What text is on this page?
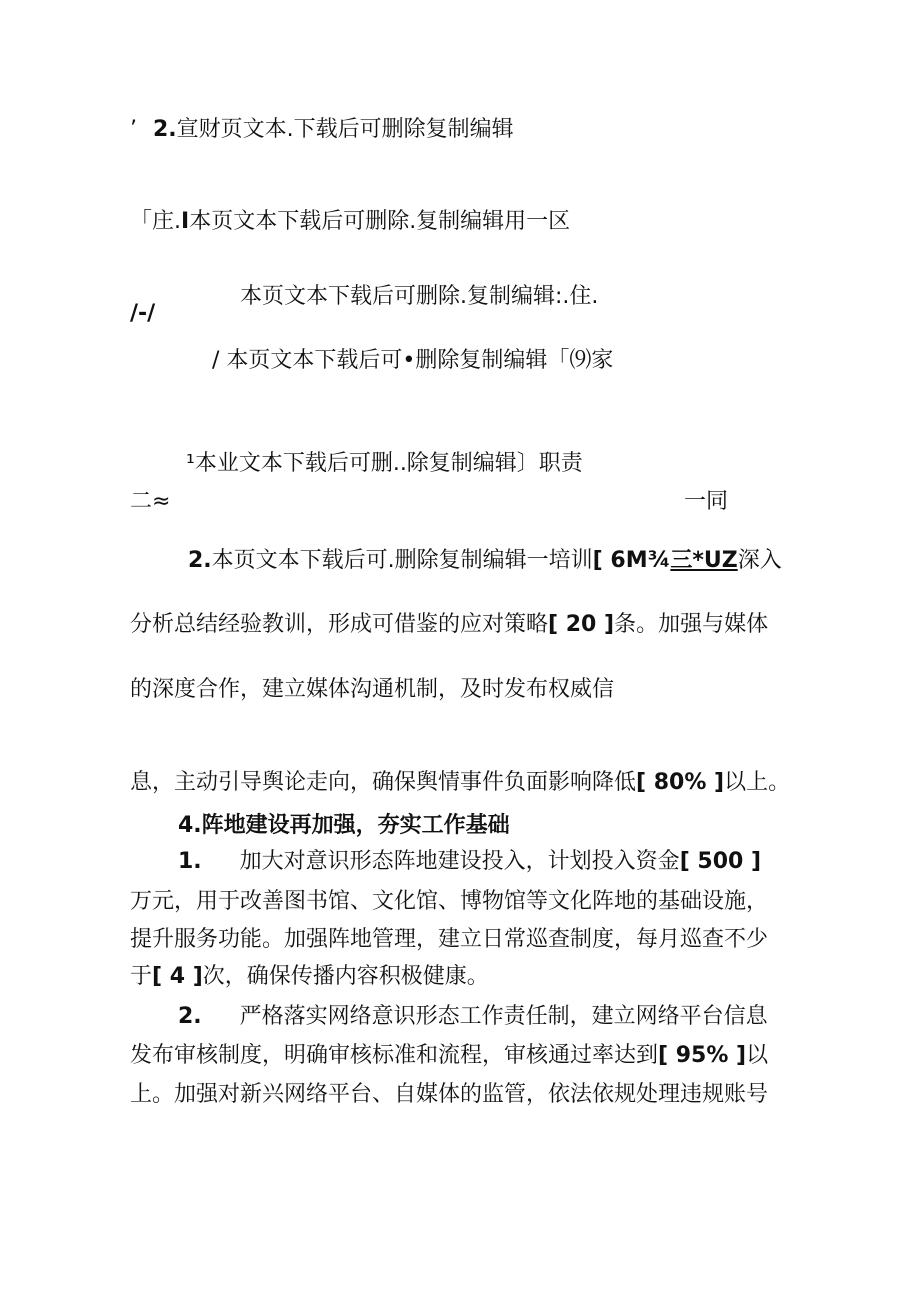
’ 2.宣财页文本.下载后可删除复制编辑
「庄.I本页文本下载后可删除.复制编辑用一区
本页文本下载后可删除.复制编辑:.住.
/-/
/ 本页文本下载后可•删除复制编辑「⑼家
¹本业文本下载后可删..除复制编辑〕职责
二≈	一同
2.本页文本下载后可.删除复制编辑一培训[ 6M¾三*UZ深入
分析总结经验教训，形成可借鉴的应对策略[ 20 ]条。加强与媒体
的深度合作，建立媒体沟通机制，及时发布权威信
息，主动引导舆论走向，确保舆情事件负面影响降低[ 80% ]以上。
4.阵地建设再加强，夯实工作基础
1. 加大对意识形态阵地建设投入，计划投入资金[ 500 ]
万元，用于改善图书馆、文化馆、博物馆等文化阵地的基础设施，
提升服务功能。加强阵地管理，建立日常巡查制度，每月巡查不少
于[ 4 ]次，确保传播内容积极健康。
2. 严格落实网络意识形态工作责任制，建立网络平台信息
发布审核制度，明确审核标准和流程，审核通过率达到[ 95% ]以
上。加强对新兴网络平台、自媒体的监管，依法依规处理违规账号
